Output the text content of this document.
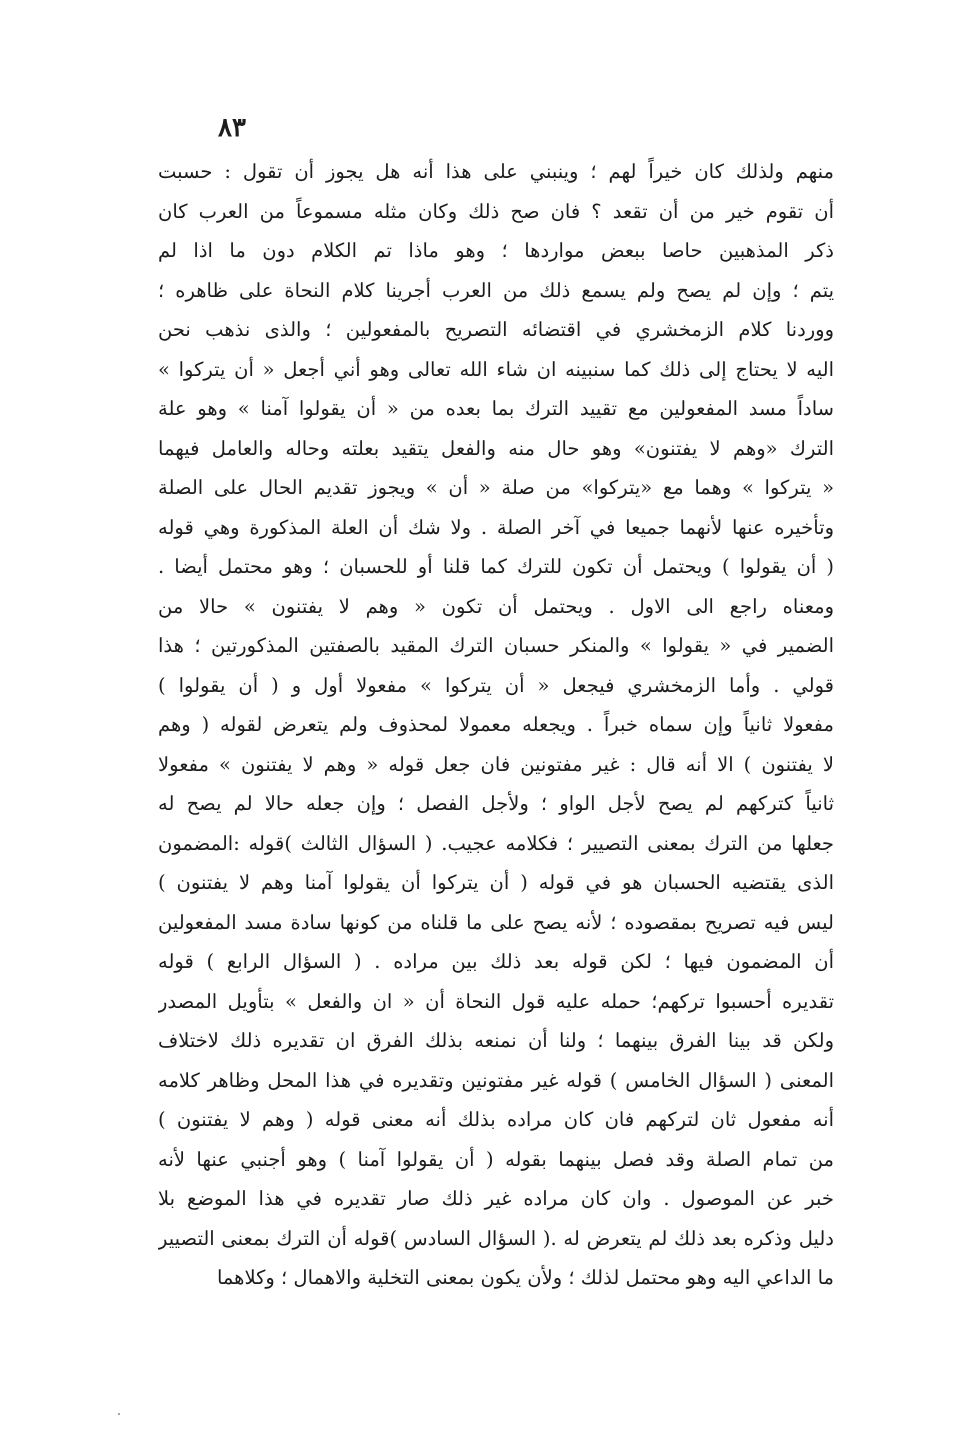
٨٣
منهم ولذلك كان خيراً لهم ؛ وينبني على هذا أنه هل يجوز أن تقول : حسبت
أن تقوم خير من أن تقعد ؟ فان صح ذلك وكان مثله مسموعاً من العرب كان
ذكر المذهبين حاصا ببعض مواردها ؛ وهو ماذا تم الكلام دون ما اذا لم
يتم ؛ وإن لم يصح ولم يسمع ذلك من العرب أجرينا كلام النحاة على ظاهره ؛
ووردنا كلام الزمخشري في اقتضائه التصريح بالمفعولين ؛ والذى نذهب نحن
اليه لا يحتاج إلى ذلك كما سنبينه ان شاء الله تعالى وهو أني أجعل « أن يتركوا »
ساداً مسد المفعولين مع تقييد الترك بما بعده من « أن يقولوا آمنا » وهو علة
الترك «وهم لا يفتنون» وهو حال منه والفعل يتقيد بعلته وحاله والعامل فيهما
« يتركوا » وهما مع «يتركوا» من صلة « أن » ويجوز تقديم الحال على الصلة
وتأخيره عنها لأنهما جميعا في آخر الصلة . ولا شك أن العلة المذكورة وهي قوله
( أن يقولوا ) ويحتمل أن تكون للترك كما قلنا أو للحسبان ؛ وهو محتمل أيضا .
ومعناه راجع الى الاول . ويحتمل أن تكون « وهم لا يفتنون » حالا من
الضمير في « يقولوا » والمنكر حسبان الترك المقيد بالصفتين المذكورتين ؛ هذا
قولي . وأما الزمخشري فيجعل « أن يتركوا » مفعولا أول و ( أن يقولوا )
مفعولا ثانياً وإن سماه خبراً . ويجعله معمولا لمحذوف ولم يتعرض لقوله ( وهم
لا يفتنون ) الا أنه قال : غير مفتونين فان جعل قوله « وهم لا يفتنون » مفعولا
ثانياً كتركهم لم يصح لأجل الواو ؛ ولأجل الفصل ؛ وإن جعله حالا لم يصح له
جعلها من الترك بمعنى التصيير ؛ فكلامه عجيب. ( السؤال الثالث )قوله :المضمون
الذى يقتضيه الحسبان هو في قوله ( أن يتركوا أن يقولوا آمنا وهم لا يفتنون )
ليس فيه تصريح بمقصوده ؛ لأنه يصح على ما قلناه من كونها سادة مسد المفعولين
أن المضمون فيها ؛ لكن قوله بعد ذلك بين مراده . ( السؤال الرابع ) قوله
تقديره أحسبوا تركهم؛ حمله عليه قول النحاة أن « ان والفعل » بتأويل المصدر
ولكن قد بينا الفرق بينهما ؛ ولنا أن نمنعه بذلك الفرق ان تقديره ذلك لاختلاف
المعنى ( السؤال الخامس ) قوله غير مفتونين وتقديره في هذا المحل وظاهر كلامه
أنه مفعول ثان لتركهم فان كان مراده بذلك أنه معنى قوله ( وهم لا يفتنون )
من تمام الصلة وقد فصل بينهما بقوله ( أن يقولوا آمنا ) وهو أجنبي عنها لأنه
خبر عن الموصول . وان كان مراده غير ذلك صار تقديره في هذا الموضع بلا
دليل وذكره بعد ذلك لم يتعرض له .( السؤال السادس )قوله أن الترك بمعنى التصيير
ما الداعي اليه وهو محتمل لذلك ؛ ولأن يكون بمعنى التخلية والاهمال ؛ وكلاهما
